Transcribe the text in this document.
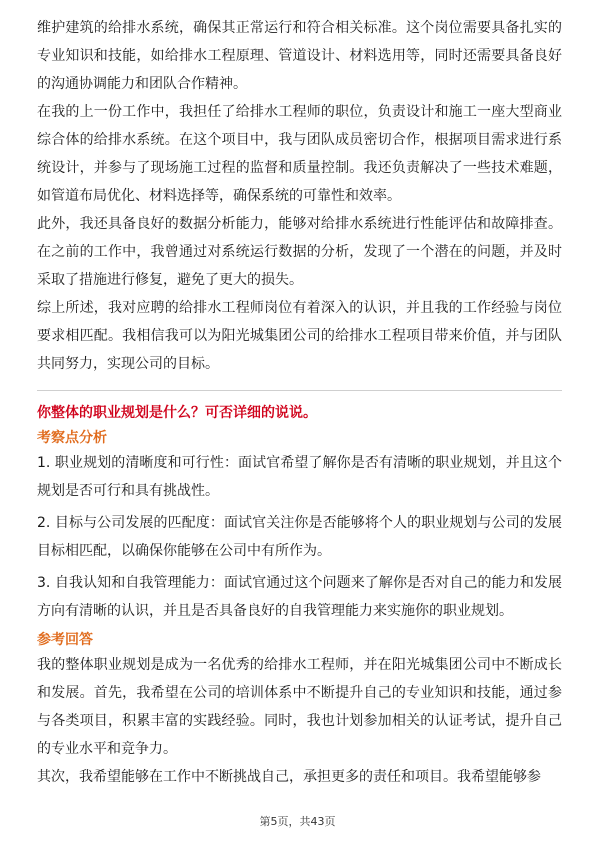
维护建筑的给排水系统，确保其正常运行和符合相关标准。这个岗位需要具备扎实的专业知识和技能，如给排水工程原理、管道设计、材料选用等，同时还需要具备良好的沟通协调能力和团队合作精神。

在我的上一份工作中，我担任了给排水工程师的职位，负责设计和施工一座大型商业综合体的给排水系统。在这个项目中，我与团队成员密切合作，根据项目需求进行系统设计，并参与了现场施工过程的监督和质量控制。我还负责解决了一些技术难题，如管道布局优化、材料选择等，确保系统的可靠性和效率。

此外，我还具备良好的数据分析能力，能够对给排水系统进行性能评估和故障排查。在之前的工作中，我曾通过对系统运行数据的分析，发现了一个潜在的问题，并及时采取了措施进行修复，避免了更大的损失。

综上所述，我对应聘的给排水工程师岗位有着深入的认识，并且我的工作经验与岗位要求相匹配。我相信我可以为阳光城集团公司的给排水工程项目带来价值，并与团队共同努力，实现公司的目标。

你整体的职业规划是什么？可否详细的说说。

考察点分析

1. 职业规划的清晰度和可行性：面试官希望了解你是否有清晰的职业规划，并且这个规划是否可行和具有挑战性。

2. 目标与公司发展的匹配度：面试官关注你是否能够将个人的职业规划与公司的发展目标相匹配，以确保你能够在公司中有所作为。

3. 自我认知和自我管理能力：面试官通过这个问题来了解你是否对自己的能力和发展方向有清晰的认识，并且是否具备良好的自我管理能力来实施你的职业规划。

参考回答

我的整体职业规划是成为一名优秀的给排水工程师，并在阳光城集团公司中不断成长和发展。首先，我希望在公司的培训体系中不断提升自己的专业知识和技能，通过参与各类项目，积累丰富的实践经验。同时，我也计划参加相关的认证考试，提升自己的专业水平和竞争力。

其次，我希望能够在工作中不断挑战自己，承担更多的责任和项目。我希望能够参

第5页，共43页
